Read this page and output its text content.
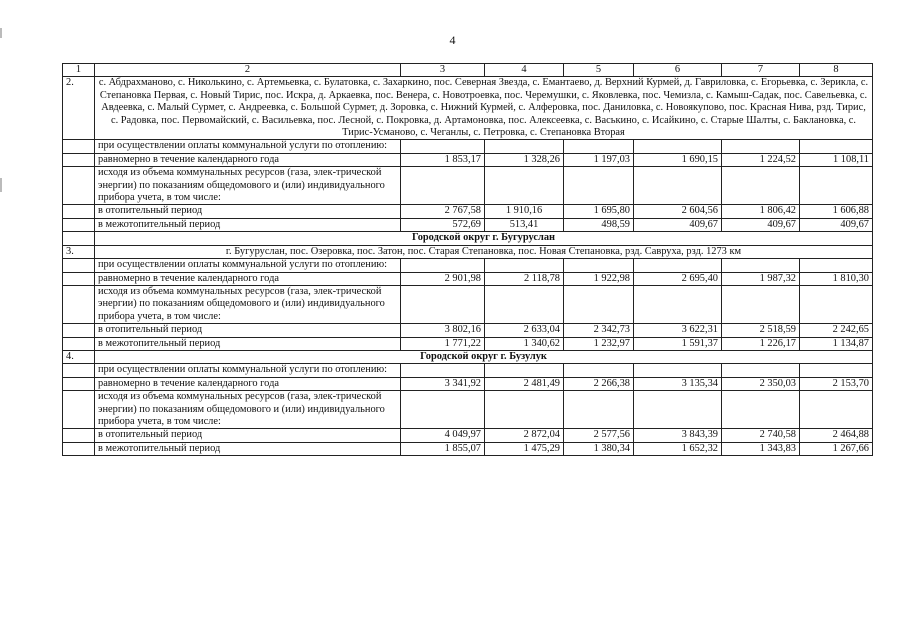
4
1	2	3	4	5	6	7	8
2.	с. Абдрахманово, с. Николькино, с. Артемьевка, с. Булатовка, с. Захаркино, пос. Северная Звезда, с. Емантаево, д. Верхний Курмей, д. Гавриловка, с. Егорьевка, с. Зерикла, с. Степановка Первая, с. Новый Тирис, пос. Искра, д. Аркаевка, пос. Венера, с. Новотроевка, пос. Черемушки, с. Яковлевка, пос. Чемизла, с. Камыш-Садак, пос. Савельевка, с. Авдеевка, с. Малый Сурмет, с. Андреевка, с. Большой Сурмет, д. Зоровка, с. Нижний Курмей, с. Алферовка, пос. Даниловка, с. Новоякупово, пос. Красная Нива, рзд. Тирис, с. Радовка, пос. Первомайский, с. Васильевка, пос. Лесной, с. Покровка, д. Артамоновка, пос. Алексеевка, с. Васькино, с. Исайкино, с. Старые Шалты, с. Баклановка, с. Тирис-Усманово, с. Чеганлы, с. Петровка, с. Степановка Вторая						
	при осуществлении оплаты коммунальной услуги по отоплению:						
	равномерно в течение календарного года	1 853,17	1 328,26	1 197,03	1 690,15	1 224,52	1 108,11
	исходя из объема коммунальных ресурсов (газа, элек-трической энергии) по показаниям общедомового и (или) индивидуального прибора учета, в том числе:						
	в отопительный период	2 767,58	1 910,16	1 695,80	2 604,56	1 806,42	1 606,88
	в межотопительный период	572,69	513,41	498,59	409,67	409,67	409,67
	Городской округ г. Бугуруслан						
3.	г. Бугуруслан, пос. Озеровка, пос. Затон, пос. Старая Степановка, пос. Новая Степановка, рзд. Савруха, рзд. 1273 км						
	при осуществлении оплаты коммунальной услуги по отоплению:						
	равномерно в течение календарного года	2 901,98	2 118,78	1 922,98	2 695,40	1 987,32	1 810,30
	исходя из объема коммунальных ресурсов (газа, элек-трической энергии) по показаниям общедомового и (или) индивидуального прибора учета, в том числе:						
	в отопительный период	3 802,16	2 633,04	2 342,73	3 622,31	2 518,59	2 242,65
	в межотопительный период	1 771,22	1 340,62	1 232,97	1 591,37	1 226,17	1 134,87
4.	Городской округ г. Бузулук						
	при осуществлении оплаты коммунальной услуги по отоплению:						
	равномерно в течение календарного года	3 341,92	2 481,49	2 266,38	3 135,34	2 350,03	2 153,70
	исходя из объема коммунальных ресурсов (газа, элек-трической энергии) по показаниям общедомового и (или) индивидуального прибора учета, в том числе:						
	в отопительный период	4 049,97	2 872,04	2 577,56	3 843,39	2 740,58	2 464,88
	в межотопительный период	1 855,07	1 475,29	1 380,34	1 652,32	1 343,83	1 267,66
